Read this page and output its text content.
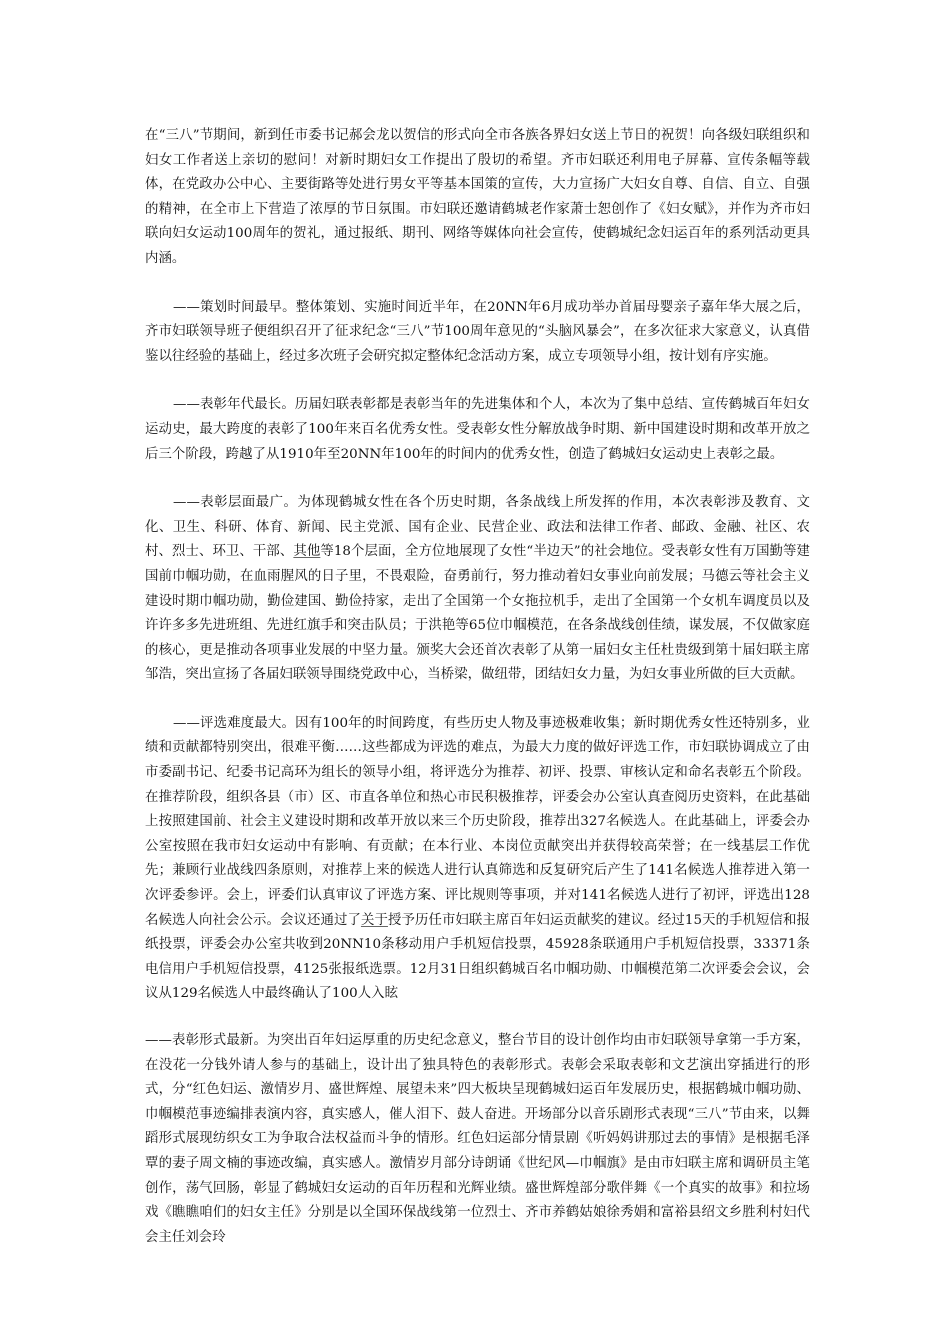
在“三八”节期间，新到任市委书记郝会龙以贺信的形式向全市各族各界妇女送上节日的祝贺！向各级妇联组织和妇女工作者送上亲切的慰问！对新时期妇女工作提出了殷切的希望。齐市妇联还利用电子屏幕、宣传条幅等载体，在党政办公中心、主要街路等处进行男女平等基本国策的宣传，大力宣扬广大妇女自尊、自信、自立、自强的精神，在全市上下营造了浓厚的节日氛围。市妇联还邀请鹤城老作家萧士恕创作了《妇女赋》，并作为齐市妇联向妇女运动100周年的贺礼，通过报纸、期刊、网络等媒体向社会宣传，使鹤城纪念妇运百年的系列活动更具内涵。

——策划时间最早。整体策划、实施时间近半年，在20NN年6月成功举办首届母婴亲子嘉年华大展之后，齐市妇联领导班子便组织召开了征求纪念“三八”节100周年意见的“头脑风暴会”，在多次征求大家意义，认真借鉴以往经验的基础上，经过多次班子会研究拟定整体纪念活动方案，成立专项领导小组，按计划有序实施。

——表彰年代最长。历届妇联表彰都是表彰当年的先进集体和个人，本次为了集中总结、宣传鹤城百年妇女运动史，最大跨度的表彰了100年来百名优秀女性。受表彰女性分解放战争时期、新中国建设时期和改革开放之后三个阶段，跨越了从1910年至20NN年100年的时间内的优秀女性，创造了鹤城妇女运动史上表彰之最。

——表彰层面最广。为体现鹤城女性在各个历史时期，各条战线上所发挥的作用，本次表彰涉及教育、文化、卫生、科研、体育、新闻、民主党派、国有企业、民营企业、政法和法律工作者、邮政、金融、社区、农村、烈士、环卫、干部、其他等18个层面，全方位地展现了女性“半边天”的社会地位。受表彰女性有万国勤等建国前巾帼功勋，在血雨腥风的日子里，不畏艰险，奋勇前行，努力推动着妇女事业向前发展；马德云等社会主义建设时期巾帼功勋，勤俭建国、勤俭持家，走出了全国第一个女拖拉机手，走出了全国第一个女机车调度员以及许许多多先进班组、先进红旗手和突击队员；于洪艳等65位巾帼模范，在各条战线创佳绩，谋发展，不仅做家庭的核心，更是推动各项事业发展的中坚力量。颁奖大会还首次表彰了从第一届妇女主任杜贵级到第十届妇联主席邹浩，突出宣扬了各届妇联领导围绕党政中心，当桥梁，做纽带，团结妇女力量，为妇女事业所做的巨大贡献。

——评选难度最大。因有100年的时间跨度，有些历史人物及事迹极难收集；新时期优秀女性还特别多，业绩和贡献都特别突出，很难平衡……这些都成为评选的难点，为最大力度的做好评选工作，市妇联协调成立了由市委副书记、纪委书记高环为组长的领导小组，将评选分为推荐、初评、投票、审核认定和命名表彰五个阶段。在推荐阶段，组织各县（市）区、市直各单位和热心市民积极推荐，评委会办公室认真查阅历史资料，在此基础上按照建国前、社会主义建设时期和改革开放以来三个历史阶段，推荐出327名候选人。在此基础上，评委会办公室按照在我市妇女运动中有影响、有贡献；在本行业、本岗位贡献突出并获得较高荣誉；在一线基层工作优先；兼顾行业战线四条原则，对推荐上来的候选人进行认真筛选和反复研究后产生了141名候选人推荐进入第一次评委参评。会上，评委们认真审议了评选方案、评比规则等事项，并对141名候选人进行了初评，评选出128名候选人向社会公示。会议还通过了关于授予历任市妇联主席百年妇运贡献奖的建议。经过15天的手机短信和报纸投票，评委会办公室共收到20NN10条移动用户手机短信投票，45928条联通用户手机短信投票，33371条电信用户手机短信投票，4125张报纸选票。12月31日组织鹤城百名巾帼功勋、巾帼模范第二次评委会会议，会议从129名候选人中最终确认了100人入眩

——表彰形式最新。为突出百年妇运厚重的历史纪念意义，整台节目的设计创作均由市妇联领导拿第一手方案，在没花一分钱外请人参与的基础上，设计出了独具特色的表彰形式。表彰会采取表彰和文艺演出穿插进行的形式，分“红色妇运、激情岁月、盛世辉煌、展望未来”四大板块呈现鹤城妇运百年发展历史，根据鹤城巾帼功勋、巾帼模范事迹编排表演内容，真实感人，催人泪下、鼓人奋进。开场部分以音乐剧形式表现“三八”节由来，以舞蹈形式展现纺织女工为争取合法权益而斗争的情形。红色妇运部分情景剧《听妈妈讲那过去的事情》是根据毛泽覃的妻子周文楠的事迹改编，真实感人。激情岁月部分诗朗诵《世纪风—巾帼旗》是由市妇联主席和调研员主笔创作，荡气回肠，彰显了鹤城妇女运动的百年历程和光辉业绩。盛世辉煌部分歌伴舞《一个真实的故事》和拉场戏《瞧瞧咱们的妇女主任》分别是以全国环保战线第一位烈士、齐市养鹤姑娘徐秀娟和富裕县绍文乡胜利村妇代会主任刘会玲
